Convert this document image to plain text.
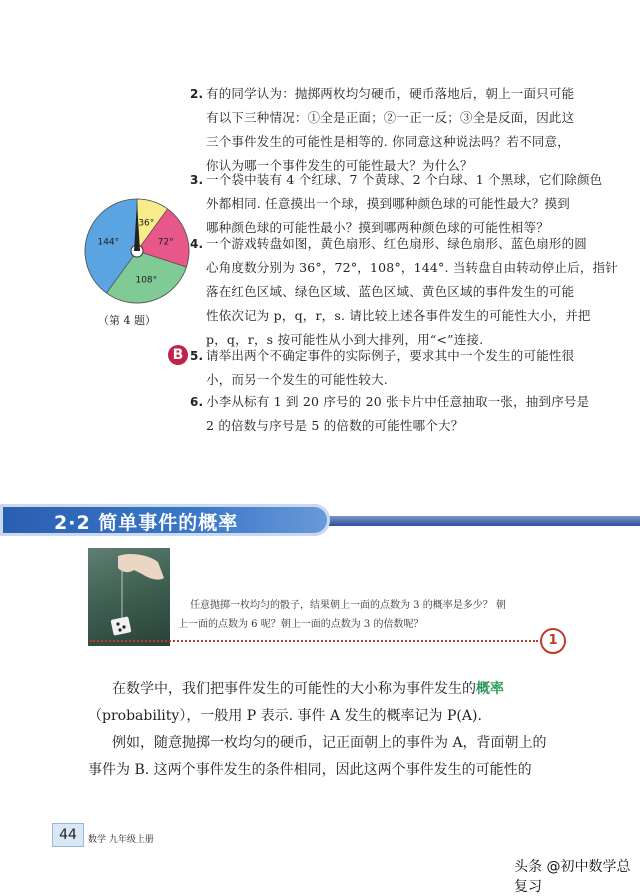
2. 有的同学认为：抛掷两枚均匀硬币，硬币落地后，朝上一面只可能
有以下三种情况：①全是正面；②一正一反；③全是反面，因此这
三个事件发生的可能性是相等的. 你同意这种说法吗？若不同意，
你认为哪一个事件发生的可能性最大？为什么？
3. 一个袋中装有 4 个红球、7 个黄球、2 个白球、1 个黑球，它们除颜色
外都相同. 任意摸出一个球，摸到哪种颜色球的可能性最大？摸到
哪种颜色球的可能性最小？摸到哪两种颜色球的可能性相等？
4. 一个游戏转盘如图，黄色扇形、红色扇形、绿色扇形、蓝色扇形的圆
心角度数分别为 36°，72°，108°，144°. 当转盘自由转动停止后，指针
落在红色区域、绿色区域、蓝色区域、黄色区域的事件发生的可能
性依次记为 p，q，r，s. 请比较上述各事件发生的可能性大小，并把
p，q，r，s 按可能性从小到大排列，用“<”连接.
B 5. 请举出两个不确定事件的实际例子，要求其中一个发生的可能性很
小，而另一个发生的可能性较大.
6. 小李从标有 1 到 20 序号的 20 张卡片中任意抽取一张，抽到序号是
2 的倍数与序号是 5 的倍数的可能性哪个大？
36°
72°
108°
144°
（第 4 题）
2·2 简单事件的概率
任意抛掷一枚均匀的骰子，结果朝上一面的点数为 3 的概率是多少？ 朝
上一面的点数为 6 呢？朝上一面的点数为 3 的倍数呢？
1
在数学中，我们把事件发生的可能性的大小称为事件发生的概率
（probability），一般用 P 表示. 事件 A 发生的概率记为 P(A).
例如，随意抛掷一枚均匀的硬币，记正面朝上的事件为 A，背面朝上的
事件为 B. 这两个事件发生的条件相同，因此这两个事件发生的可能性的
44	数学 九年级上册
头条 @初中数学总复习
